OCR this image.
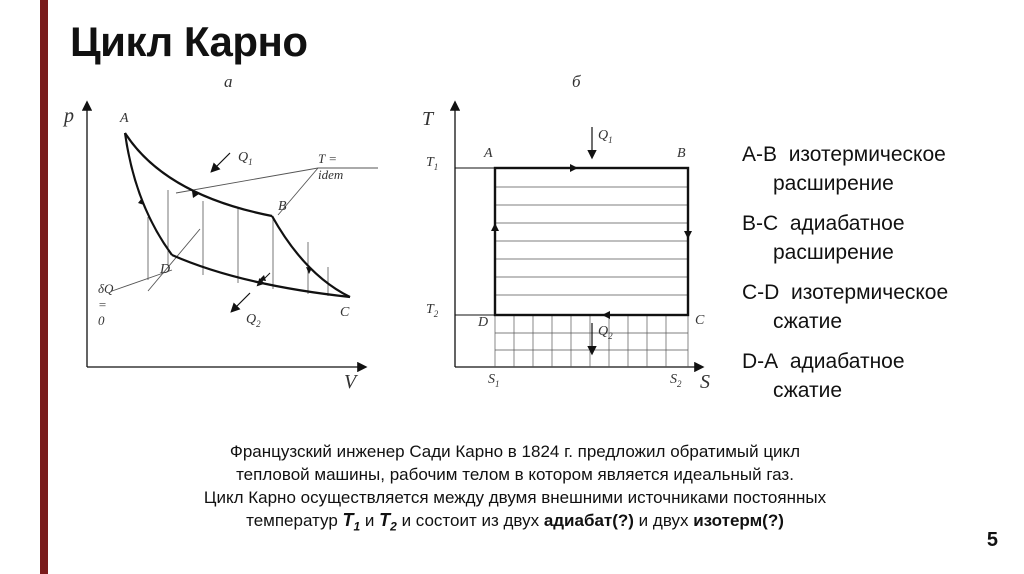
Цикл Карно
а	б
p
V
A
B
C
D
$Q_1$
$Q_2$
T = idem
δQ = 0
T
S
A	B
C
D
$T_1$
$T_2$
$S_1$	$S_2$
$Q_1$
$Q_2$
A-B изотермическое
расширение
B-C адиабатное
расширение
C-D изотермическое
сжатие
D-A адиабатное
сжатие
Французский инженер Сади Карно в 1824 г. предложил обратимый цикл
тепловой машины, рабочим телом в котором является идеальный газ.
Цикл Карно осуществляется между двумя внешними источниками постоянных
температур $T_1$ и $T_2$ и состоит из двух адиабат(?) и двух изотерм(?)
5
